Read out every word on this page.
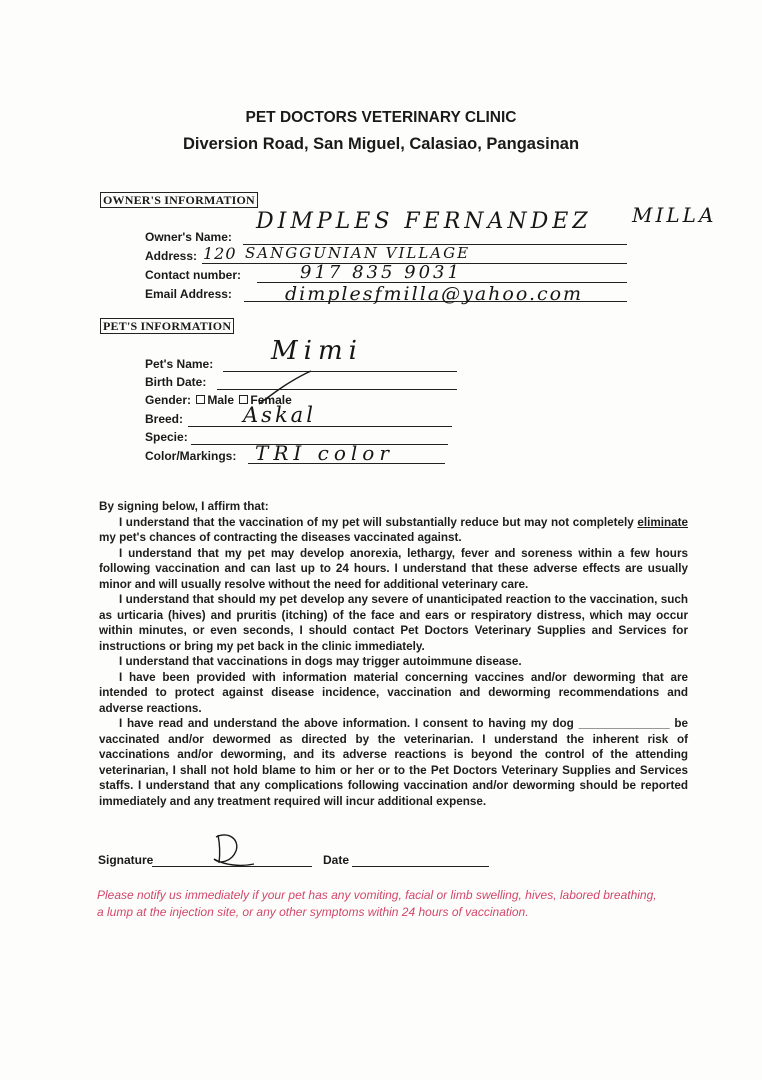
PET DOCTORS VETERINARY CLINIC
Diversion Road, San Miguel, Calasiao, Pangasinan
OWNER'S INFORMATION
Owner's Name:
DIMPLES FERNANDEZ MILLA
Address: 120 SANGGUNIAN VILLAGE
Contact number:	917 835 9031
Email Address:	dimplesfmilla@yahoo.com
PET'S INFORMATION
Pet's Name: Mimi
Birth Date:
Gender: Male Female
Breed:	Askal
Specie:
Color/Markings: TRI color

By signing below, I affirm that:

I understand that the vaccination of my pet will substantially reduce but may not completely eliminate my pet's chances of contracting the diseases vaccinated against.

I understand that my pet may develop anorexia, lethargy, fever and soreness within a few hours following vaccination and can last up to 24 hours. I understand that these adverse effects are usually minor and will usually resolve without the need for additional veterinary care.

I understand that should my pet develop any severe of unanticipated reaction to the vaccination, such as urticaria (hives) and pruritis (itching) of the face and ears or respiratory distress, which may occur within minutes, or even seconds, I should contact Pet Doctors Veterinary Supplies and Services for instructions or bring my pet back in the clinic immediately.

I understand that vaccinations in dogs may trigger autoimmune disease.

I have been provided with information material concerning vaccines and/or deworming that are intended to protect against disease incidence, vaccination and deworming recommendations and adverse reactions.

I have read and understand the above information. I consent to having my dog ______________ be vaccinated and/or dewormed as directed by the veterinarian. I understand the inherent risk of vaccinations and/or deworming, and its adverse reactions is beyond the control of the attending veterinarian, I shall not hold blame to him or her or to the Pet Doctors Veterinary Supplies and Services staffs. I understand that any complications following vaccination and/or deworming should be reported immediately and any treatment required will incur additional expense.

Signature	Date
Please notify us immediately if your pet has any vomiting, facial or limb swelling, hives, labored breathing, a lump at the injection site, or any other symptoms within 24 hours of vaccination.
